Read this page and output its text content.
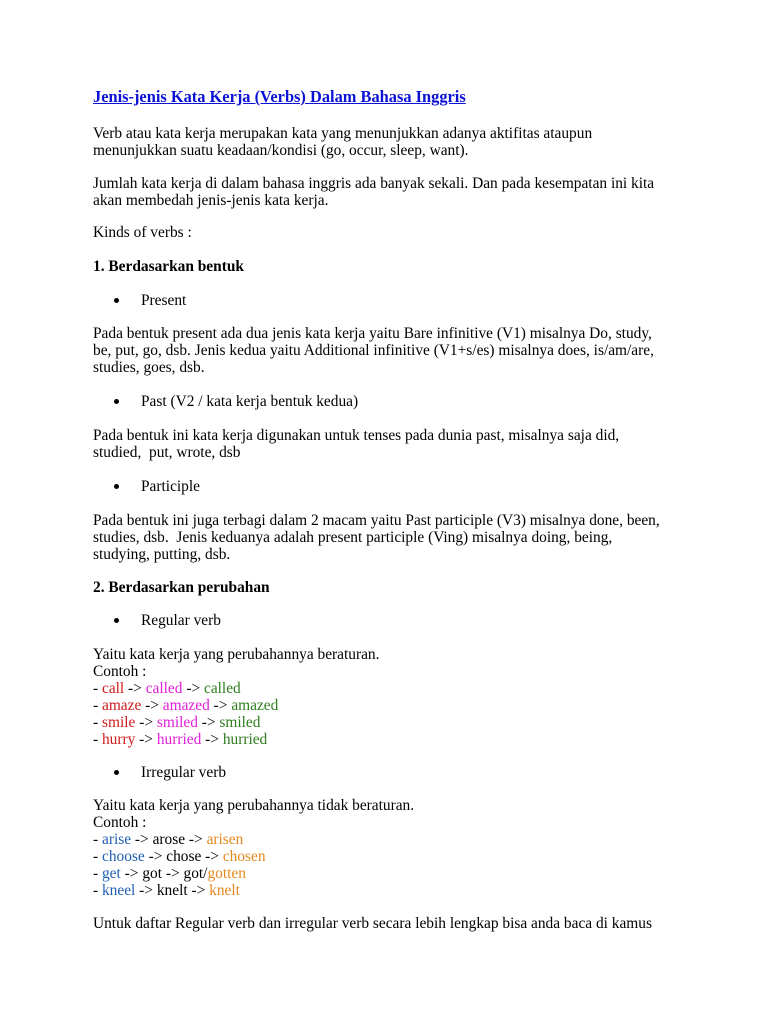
Jenis-jenis Kata Kerja (Verbs) Dalam Bahasa Inggris

Verb atau kata kerja merupakan kata yang menunjukkan adanya aktifitas ataupun
menunjukkan suatu keadaan/kondisi (go, occur, sleep, want).

Jumlah kata kerja di dalam bahasa inggris ada banyak sekali. Dan pada kesempatan ini kita
akan membedah jenis-jenis kata kerja.

Kinds of verbs :

1. Berdasarkan bentuk

Present

Pada bentuk present ada dua jenis kata kerja yaitu Bare infinitive (V1) misalnya Do, study,
be, put, go, dsb. Jenis kedua yaitu Additional infinitive (V1+s/es) misalnya does, is/am/are,
studies, goes, dsb.

Past (V2 / kata kerja bentuk kedua)

Pada bentuk ini kata kerja digunakan untuk tenses pada dunia past, misalnya saja did,
studied,  put, wrote, dsb

Participle

Pada bentuk ini juga terbagi dalam 2 macam yaitu Past participle (V3) misalnya done, been,
studies, dsb.  Jenis keduanya adalah present participle (Ving) misalnya doing, being,
studying, putting, dsb.

2. Berdasarkan perubahan

Regular verb
Yaitu kata kerja yang perubahannya beraturan.
Contoh :
- call -> called -> called
- amaze -> amazed -> amazed
- smile -> smiled -> smiled
- hurry -> hurried -> hurried
Irregular verb
Yaitu kata kerja yang perubahannya tidak beraturan.
Contoh :
- arise -> arose -> arisen
- choose -> chose -> chosen
- get -> got -> got/gotten
- kneel -> knelt -> knelt

Untuk daftar Regular verb dan irregular verb secara lebih lengkap bisa anda baca di kamus
